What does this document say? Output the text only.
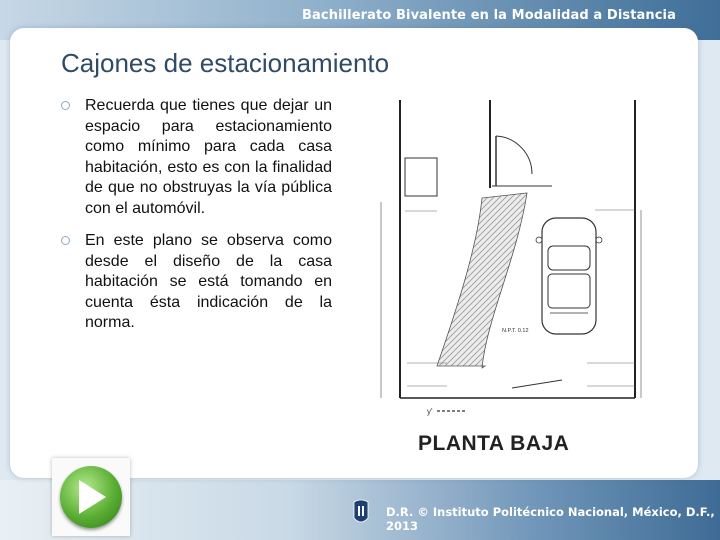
Bachillerato Bivalente en la Modalidad a Distancia
Cajones de estacionamiento
Recuerda que tienes que dejar un espacio para estacionamiento como mínimo para cada casa habitación, esto es con la finalidad de que no obstruyas la vía pública con el automóvil.
En este plano se observa como desde el diseño de la casa habitación se está tomando en cuenta ésta indicación de la norma.	N.P.T. 0.12
y'
PLANTA BAJA
D.R. © Instituto Politécnico Nacional, México, D.F., 2013
